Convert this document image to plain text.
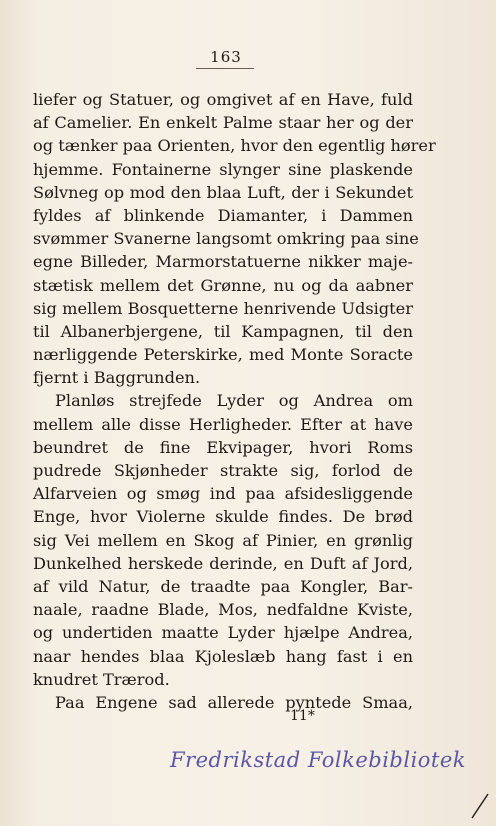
163
liefer og Statuer, og omgivet af en Have, fuld
af Camelier. En enkelt Palme staar her og der
og tænker paa Orienten, hvor den egentlig hører
hjemme. Fontainerne slynger sine plaskende
Sølvneg op mod den blaa Luft, der i Sekundet
fyldes af blinkende Diamanter, i Dammen
svømmer Svanerne langsomt omkring paa sine
egne Billeder, Marmorstatuerne nikker maje-
stætisk mellem det Grønne, nu og da aabner
sig mellem Bosquetterne henrivende Udsigter
til Albanerbjergene, til Kampagnen, til den
nærliggende Peterskirke, med Monte Soracte
fjernt i Baggrunden.
Planløs strejfede Lyder og Andrea om
mellem alle disse Herligheder. Efter at have
beundret de fine Ekvipager, hvori Roms
pudrede Skjønheder strakte sig, forlod de
Alfarveien og smøg ind paa afsidesliggende
Enge, hvor Violerne skulde findes. De brød
sig Vei mellem en Skog af Pinier, en grønlig
Dunkelhed herskede derinde, en Duft af Jord,
af vild Natur, de traadte paa Kongler, Bar-
naale, raadne Blade, Mos, nedfaldne Kviste,
og undertiden maatte Lyder hjælpe Andrea,
naar hendes blaa Kjoleslæb hang fast i en
knudret Trærod.
Paa Engene sad allerede pyntede Smaa,
11*
Fredrikstad Folkebibliotek
